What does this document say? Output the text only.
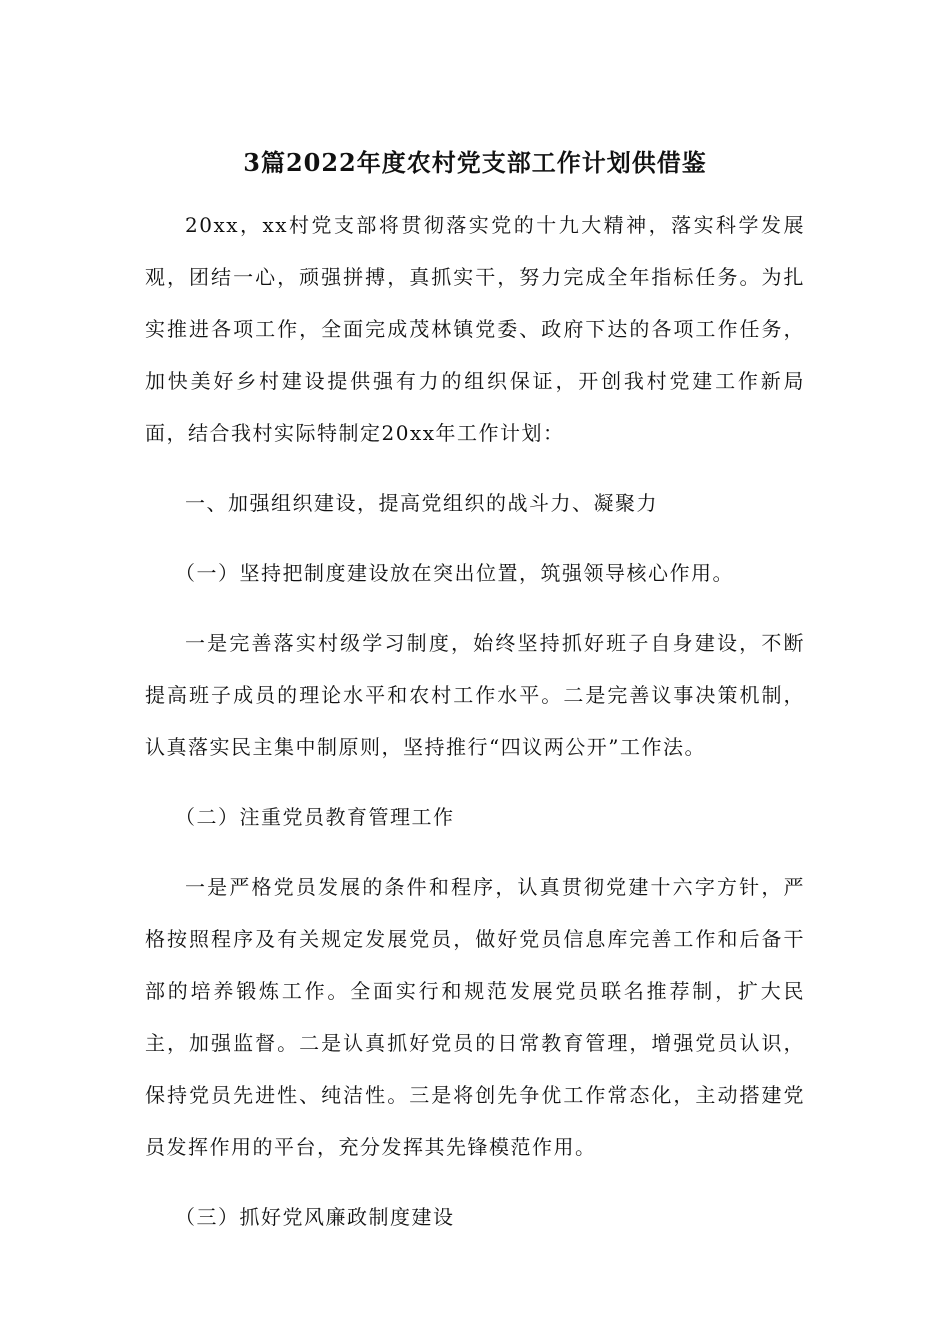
3篇2022年度农村党支部工作计划供借鉴

20xx，xx村党支部将贯彻落实党的十九大精神，落实科学发展观，团结一心，顽强拼搏，真抓实干，努力完成全年指标任务。为扎实推进各项工作，全面完成茂林镇党委、政府下达的各项工作任务，加快美好乡村建设提供强有力的组织保证，开创我村党建工作新局面，结合我村实际特制定20xx年工作计划：

一、加强组织建设，提高党组织的战斗力、凝聚力

（一）坚持把制度建设放在突出位置，筑强领导核心作用。

一是完善落实村级学习制度，始终坚持抓好班子自身建设，不断提高班子成员的理论水平和农村工作水平。二是完善议事决策机制，认真落实民主集中制原则，坚持推行“四议两公开”工作法。

（二）注重党员教育管理工作

一是严格党员发展的条件和程序，认真贯彻党建十六字方针，严格按照程序及有关规定发展党员，做好党员信息库完善工作和后备干部的培养锻炼工作。全面实行和规范发展党员联名推荐制，扩大民主，加强监督。二是认真抓好党员的日常教育管理，增强党员认识，保持党员先进性、纯洁性。三是将创先争优工作常态化，主动搭建党员发挥作用的平台，充分发挥其先锋模范作用。

（三）抓好党风廉政制度建设
